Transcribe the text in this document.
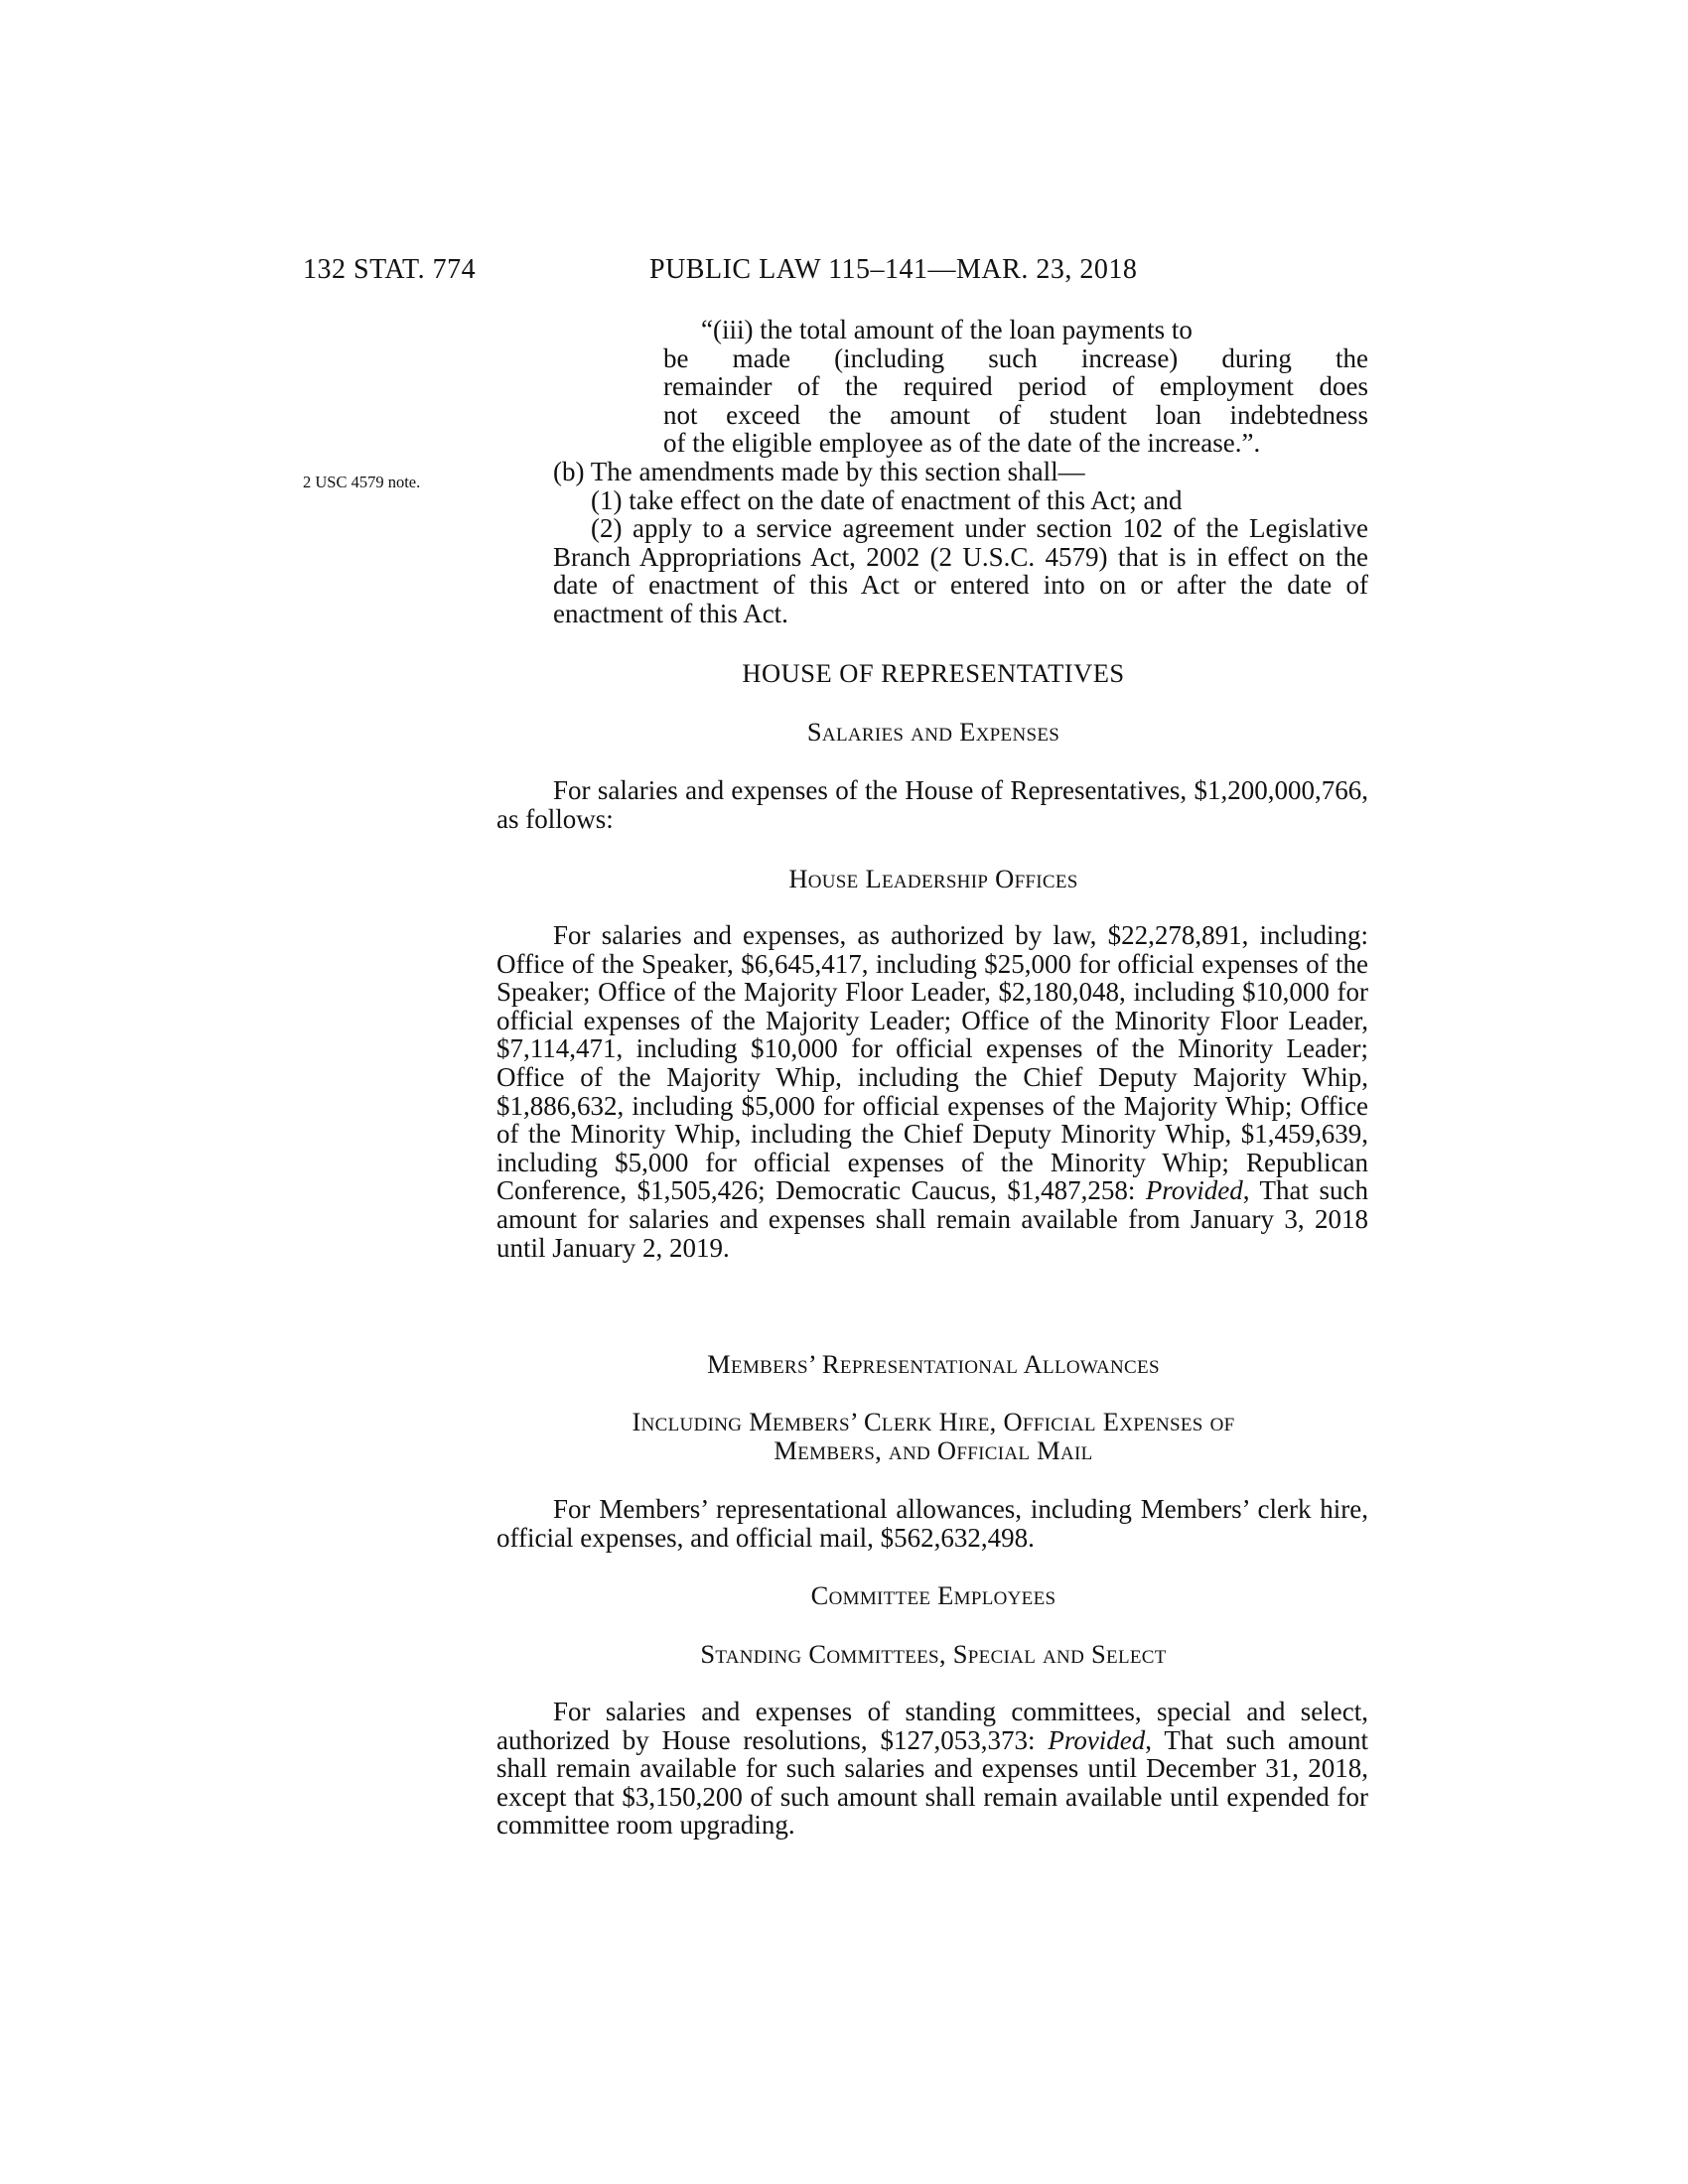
132 STAT. 774	PUBLIC LAW 115–141—MAR. 23, 2018
2 USC 4579 note.
“(iii) the total amount of the loan payments to
be made (including such increase) during the
remainder of the required period of employment does
not exceed the amount of student loan indebtedness
of the eligible employee as of the date of the increase.”.

(b) The amendments made by this section shall—

(1) take effect on the date of enactment of this Act; and

(2) apply to a service agreement under section 102 of the Legislative Branch Appropriations Act, 2002 (2 U.S.C. 4579) that is in effect on the date of enactment of this Act or entered into on or after the date of enactment of this Act.

HOUSE OF REPRESENTATIVES
Salaries and Expenses

For salaries and expenses of the House of Representatives, $1,200,000,766, as follows:

House Leadership Offices

For salaries and expenses, as authorized by law, $22,278,891, including: Office of the Speaker, $6,645,417, including $25,000 for official expenses of the Speaker; Office of the Majority Floor Leader, $2,180,048, including $10,000 for official expenses of the Majority Leader; Office of the Minority Floor Leader, $7,114,471, including $10,000 for official expenses of the Minority Leader; Office of the Majority Whip, including the Chief Deputy Majority Whip, $1,886,632, including $5,000 for official expenses of the Majority Whip; Office of the Minority Whip, including the Chief Deputy Minority Whip, $1,459,639, including $5,000 for official expenses of the Minority Whip; Republican Conference, $1,505,426; Democratic Caucus, $1,487,258: Provided, That such amount for salaries and expenses shall remain available from January 3, 2018 until January 2, 2019.

Members’ Representational Allowances
Including Members’ Clerk Hire, Official Expenses of
Members, and Official Mail

For Members’ representational allowances, including Members’ clerk hire, official expenses, and official mail, $562,632,498.

Committee Employees
Standing Committees, Special and Select

For salaries and expenses of standing committees, special and select, authorized by House resolutions, $127,053,373: Provided, That such amount shall remain available for such salaries and expenses until December 31, 2018, except that $3,150,200 of such amount shall remain available until expended for committee room upgrading.
